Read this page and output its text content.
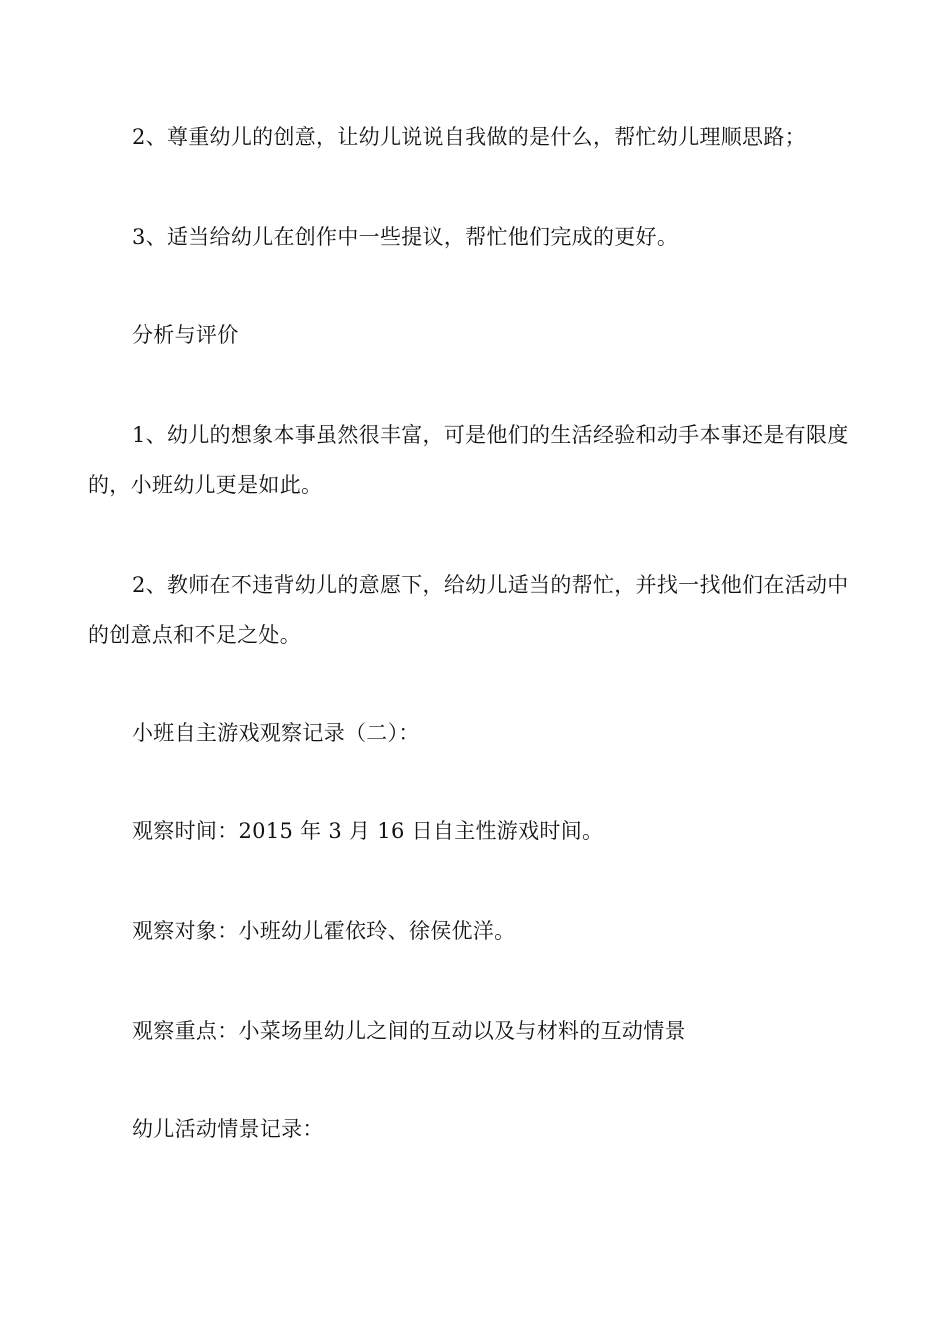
2、尊重幼儿的创意，让幼儿说说自我做的是什么，帮忙幼儿理顺思路；

3、适当给幼儿在创作中一些提议，帮忙他们完成的更好。

分析与评价

1、幼儿的想象本事虽然很丰富，可是他们的生活经验和动手本事还是有限度的，小班幼儿更是如此。

2、教师在不违背幼儿的意愿下，给幼儿适当的帮忙，并找一找他们在活动中的创意点和不足之处。

小班自主游戏观察记录（二）：

观察时间：2015 年 3 月 16 日自主性游戏时间。

观察对象：小班幼儿霍依玲、徐侯优洋。

观察重点：小菜场里幼儿之间的互动以及与材料的互动情景

幼儿活动情景记录：
